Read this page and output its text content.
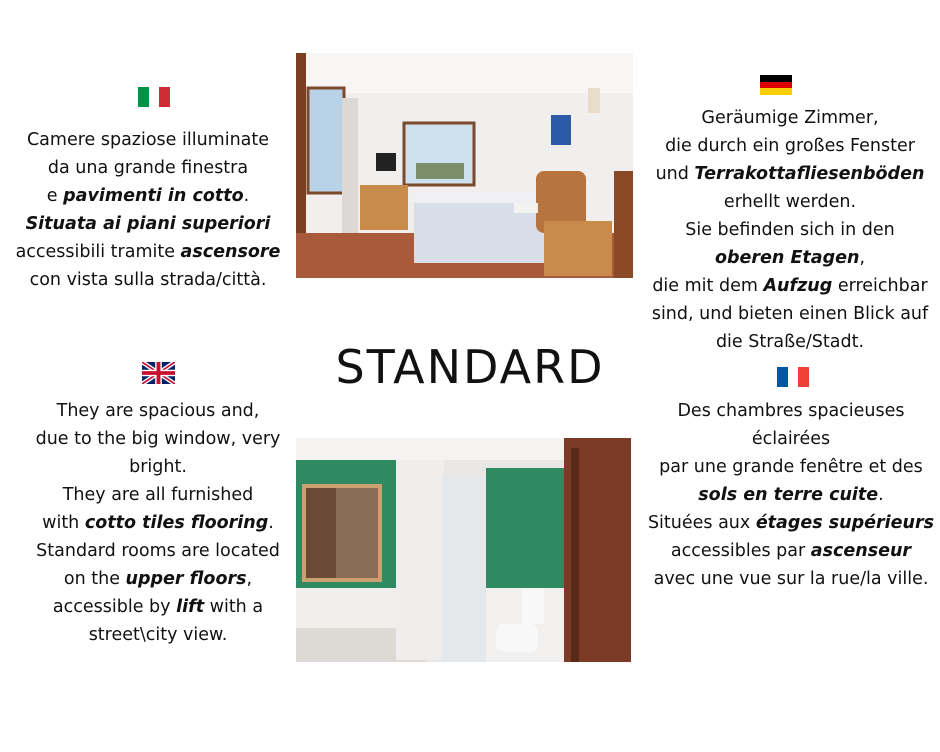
Camere spaziose illuminate
da una grande finestra
e pavimenti in cotto.
Situata ai piani superiori
accessibili tramite ascensore
con vista sulla strada/città.
Geräumige Zimmer,
die durch ein großes Fenster
und Terrakottafliesenböden
erhellt werden.
Sie befinden sich in den
oberen Etagen,
die mit dem Aufzug erreichbar
sind, und bieten einen Blick auf
die Straße/Stadt.
They are spacious and,
due to the big window, very
bright.
They are all furnished
with cotto tiles flooring.
Standard rooms are located
on the upper floors,
accessible by lift with a
street\city view.
Des chambres spacieuses
éclairées
par une grande fenêtre et des
sols en terre cuite.
Situées aux étages supérieurs
accessibles par ascenseur
avec une vue sur la rue/la ville.
STANDARD
